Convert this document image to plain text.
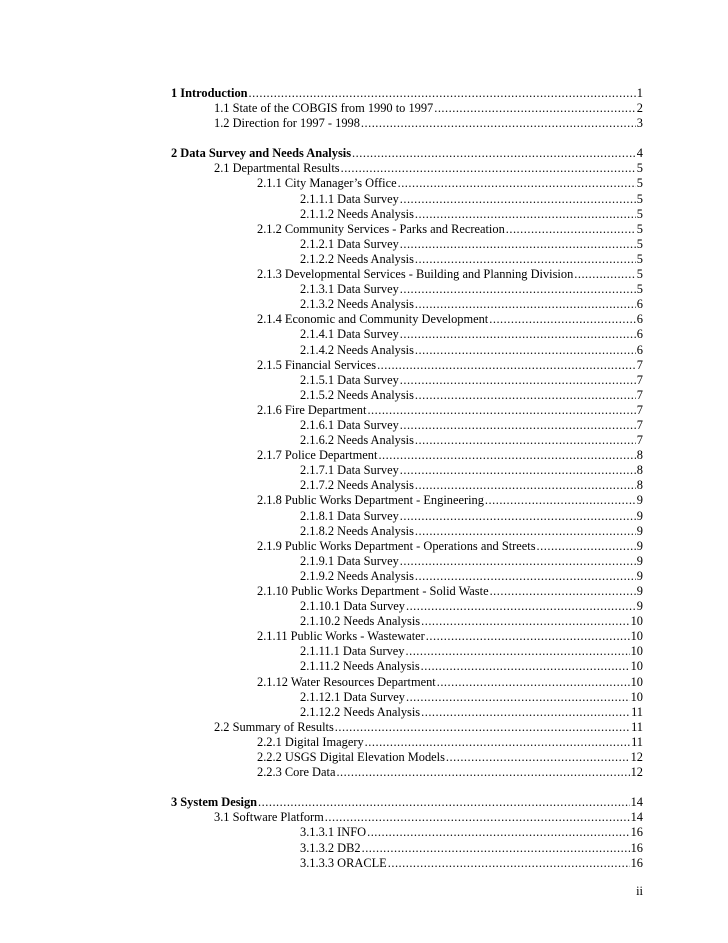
1 Introduction .....	1
1.1 State of the COBGIS from 1990 to 1997 .....	2
1.2 Direction for 1997 - 1998 .....	3
2 Data Survey and Needs Analysis .....	4
2.1 Departmental Results .....	5
2.1.1 City Manager’s Office .....	5
2.1.1.1 Data Survey .....	5
2.1.1.2 Needs Analysis .....	5
2.1.2 Community Services - Parks and Recreation .....	5
2.1.2.1 Data Survey .....	5
2.1.2.2 Needs Analysis .....	5
2.1.3 Developmental Services - Building and Planning Division .....	5
2.1.3.1 Data Survey .....	5
2.1.3.2 Needs Analysis .....	6
2.1.4 Economic and Community Development .....	6
2.1.4.1 Data Survey .....	6
2.1.4.2 Needs Analysis .....	6
2.1.5 Financial Services .....	7
2.1.5.1 Data Survey .....	7
2.1.5.2 Needs Analysis .....	7
2.1.6 Fire Department .....	7
2.1.6.1 Data Survey .....	7
2.1.6.2 Needs Analysis .....	7
2.1.7 Police Department .....	8
2.1.7.1 Data Survey .....	8
2.1.7.2 Needs Analysis .....	8
2.1.8 Public Works Department - Engineering .....	9
2.1.8.1 Data Survey .....	9
2.1.8.2 Needs Analysis .....	9
2.1.9 Public Works Department - Operations and Streets .....	9
2.1.9.1 Data Survey .....	9
2.1.9.2 Needs Analysis .....	9
2.1.10 Public Works Department - Solid Waste .....	9
2.1.10.1 Data Survey .....	9
2.1.10.2 Needs Analysis .....	10
2.1.11 Public Works - Wastewater .....	10
2.1.11.1 Data Survey .....	10
2.1.11.2 Needs Analysis .....	10
2.1.12 Water Resources Department .....	10
2.1.12.1 Data Survey .....	10
2.1.12.2 Needs Analysis .....	11
2.2 Summary of Results .....	11
2.2.1 Digital Imagery .....	11
2.2.2 USGS Digital Elevation Models .....	12
2.2.3 Core Data .....	12
3 System Design .....	14
3.1 Software Platform .....	14
3.1.3.1 INFO .....	16
3.1.3.2 DB2 .....	16
3.1.3.3 ORACLE .....	16
ii
